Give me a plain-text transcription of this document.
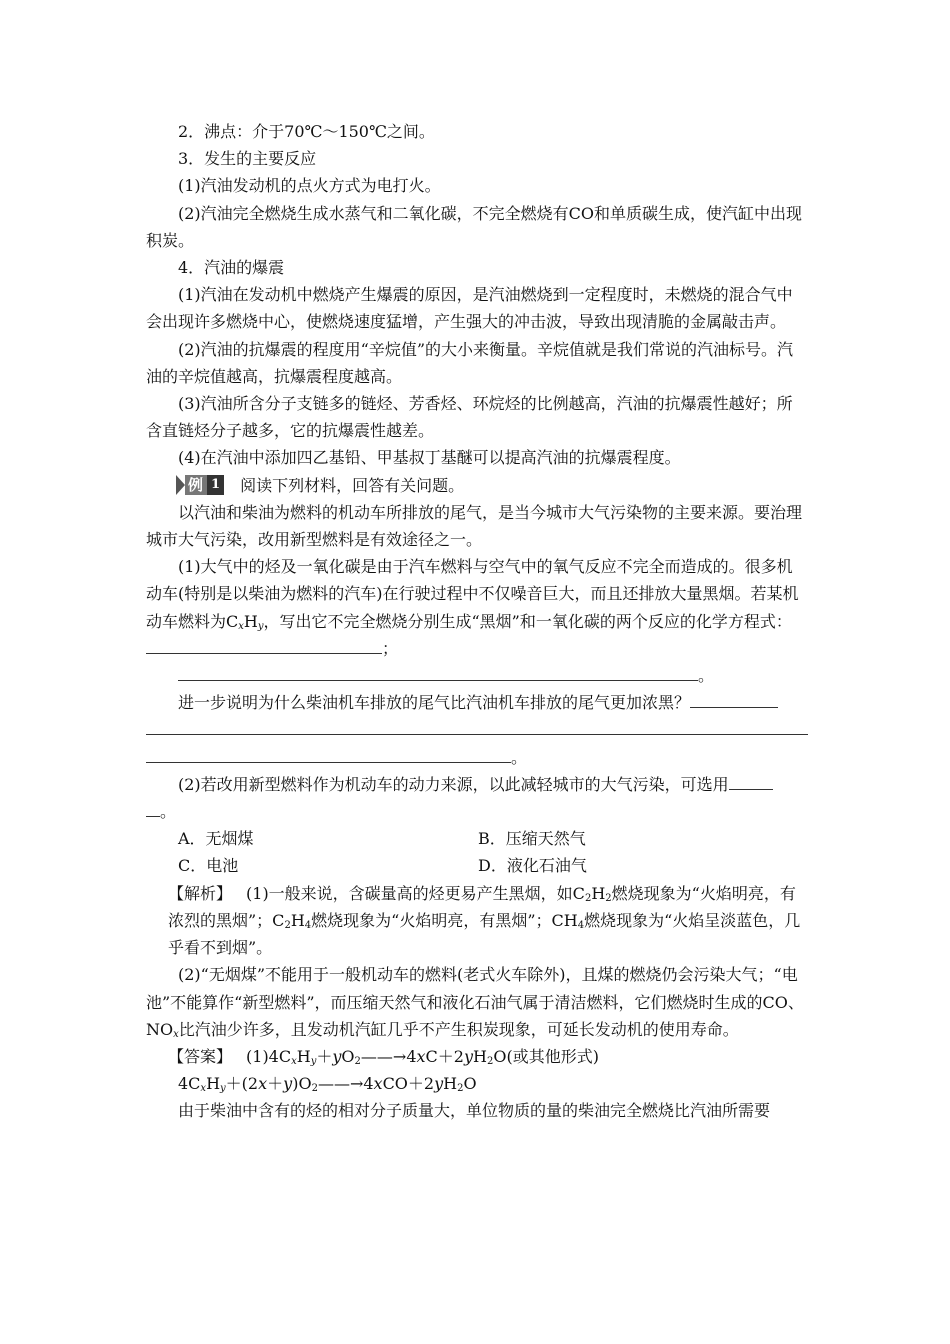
2．沸点：介于70℃～150℃之间。

3．发生的主要反应

(1)汽油发动机的点火方式为电打火。

(2)汽油完全燃烧生成水蒸气和二氧化碳，不完全燃烧有CO和单质碳生成，使汽缸中出现积炭。

4．汽油的爆震

(1)汽油在发动机中燃烧产生爆震的原因，是汽油燃烧到一定程度时，未燃烧的混合气中会出现许多燃烧中心，使燃烧速度猛增，产生强大的冲击波，导致出现清脆的金属敲击声。

(2)汽油的抗爆震的程度用“辛烷值”的大小来衡量。辛烷值就是我们常说的汽油标号。汽油的辛烷值越高，抗爆震程度越高。

(3)汽油所含分子支链多的链烃、芳香烃、环烷烃的比例越高，汽油的抗爆震性越好；所含直链烃分子越多，它的抗爆震性越差。

(4)在汽油中添加四乙基铅、甲基叔丁基醚可以提高汽油的抗爆震程度。

例 1 阅读下列材料，回答有关问题。

以汽油和柴油为燃料的机动车所排放的尾气，是当今城市大气污染物的主要来源。要治理城市大气污染，改用新型燃料是有效途径之一。

(1)大气中的烃及一氧化碳是由于汽车燃料与空气中的氧气反应不完全而造成的。很多机动车(特别是以柴油为燃料的汽车)在行驶过程中不仅噪音巨大，而且还排放大量黑烟。若某机动车燃料为$C_xH_y$，写出它不完全燃烧分别生成“黑烟”和一氧化碳的两个反应的化学方程式：；

。

进一步说明为什么柴油机车排放的尾气比汽油机车排放的尾气更加浓黑？

。

(2)若改用新型燃料作为机动车的动力来源，以此减轻城市的大气污染，可选用

。

A．无烟煤	B．压缩天然气
C．电池	D．液化石油气

【解析】 (1)一般来说，含碳量高的烃更易产生黑烟，如$C_2H_2$燃烧现象为“火焰明亮，有浓烈的黑烟”；$C_2H_4$燃烧现象为“火焰明亮，有黑烟”；$CH_4$燃烧现象为“火焰呈淡蓝色，几乎看不到烟”。

(2)“无烟煤”不能用于一般机动车的燃料(老式火车除外)，且煤的燃烧仍会污染大气；“电池”不能算作“新型燃料”，而压缩天然气和液化石油气属于清洁燃料，它们燃烧时生成的CO、$NO_x$比汽油少许多，且发动机汽缸几乎不产生积炭现象，可延长发动机的使用寿命。

【答案】 $(1)4C_xH_y+yO_2——\to 4xC+2yH_2O$(或其他形式)

$4C_xH_y+(2x+y)O_2——\to 4xCO+2yH_2O$

由于柴油中含有的烃的相对分子质量大，单位物质的量的柴油完全燃烧比汽油所需要
